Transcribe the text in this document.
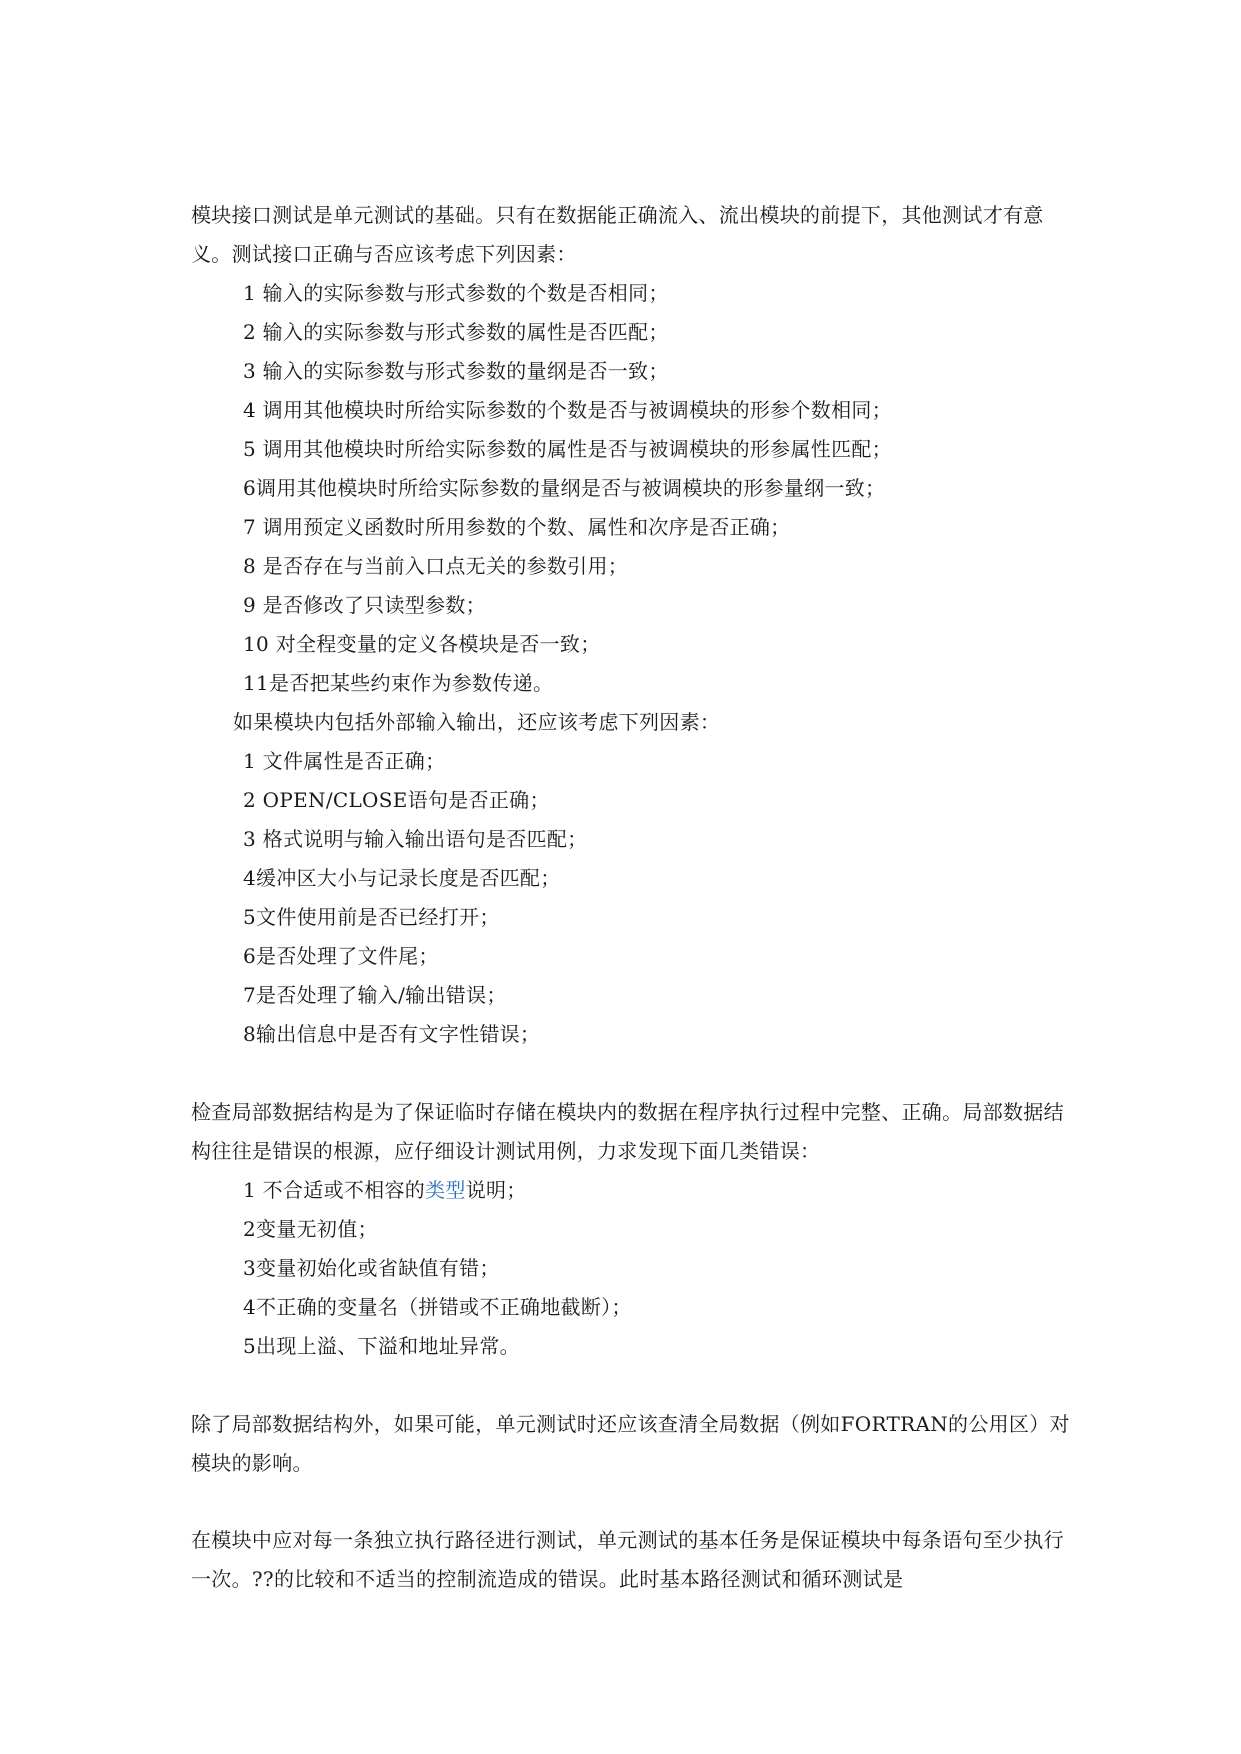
模块接口测试是单元测试的基础。只有在数据能正确流入、流出模块的前提下，其他测试才有意义。测试接口正确与否应该考虑下列因素：
1 输入的实际参数与形式参数的个数是否相同；
2 输入的实际参数与形式参数的属性是否匹配；
3 输入的实际参数与形式参数的量纲是否一致；
4 调用其他模块时所给实际参数的个数是否与被调模块的形参个数相同；
5 调用其他模块时所给实际参数的属性是否与被调模块的形参属性匹配；
6调用其他模块时所给实际参数的量纲是否与被调模块的形参量纲一致；
7 调用预定义函数时所用参数的个数、属性和次序是否正确；
8 是否存在与当前入口点无关的参数引用；
9 是否修改了只读型参数；
10 对全程变量的定义各模块是否一致；
11是否把某些约束作为参数传递。
如果模块内包括外部输入输出，还应该考虑下列因素：
1 文件属性是否正确；
2 OPEN/CLOSE语句是否正确；
3 格式说明与输入输出语句是否匹配；
4缓冲区大小与记录长度是否匹配；
5文件使用前是否已经打开；
6是否处理了文件尾；
7是否处理了输入/输出错误；
8输出信息中是否有文字性错误；
检查局部数据结构是为了保证临时存储在模块内的数据在程序执行过程中完整、正确。局部数据结构往往是错误的根源，应仔细设计测试用例，力求发现下面几类错误：
1 不合适或不相容的类型说明；
2变量无初值；
3变量初始化或省缺值有错；
4不正确的变量名（拼错或不正确地截断）；
5出现上溢、下溢和地址异常。
除了局部数据结构外，如果可能，单元测试时还应该查清全局数据（例如FORTRAN的公用区）对模块的影响。
在模块中应对每一条独立执行路径进行测试，单元测试的基本任务是保证模块中每条语句至少执行一次。??的比较和不适当的控制流造成的错误。此时基本路径测试和循环测试是
